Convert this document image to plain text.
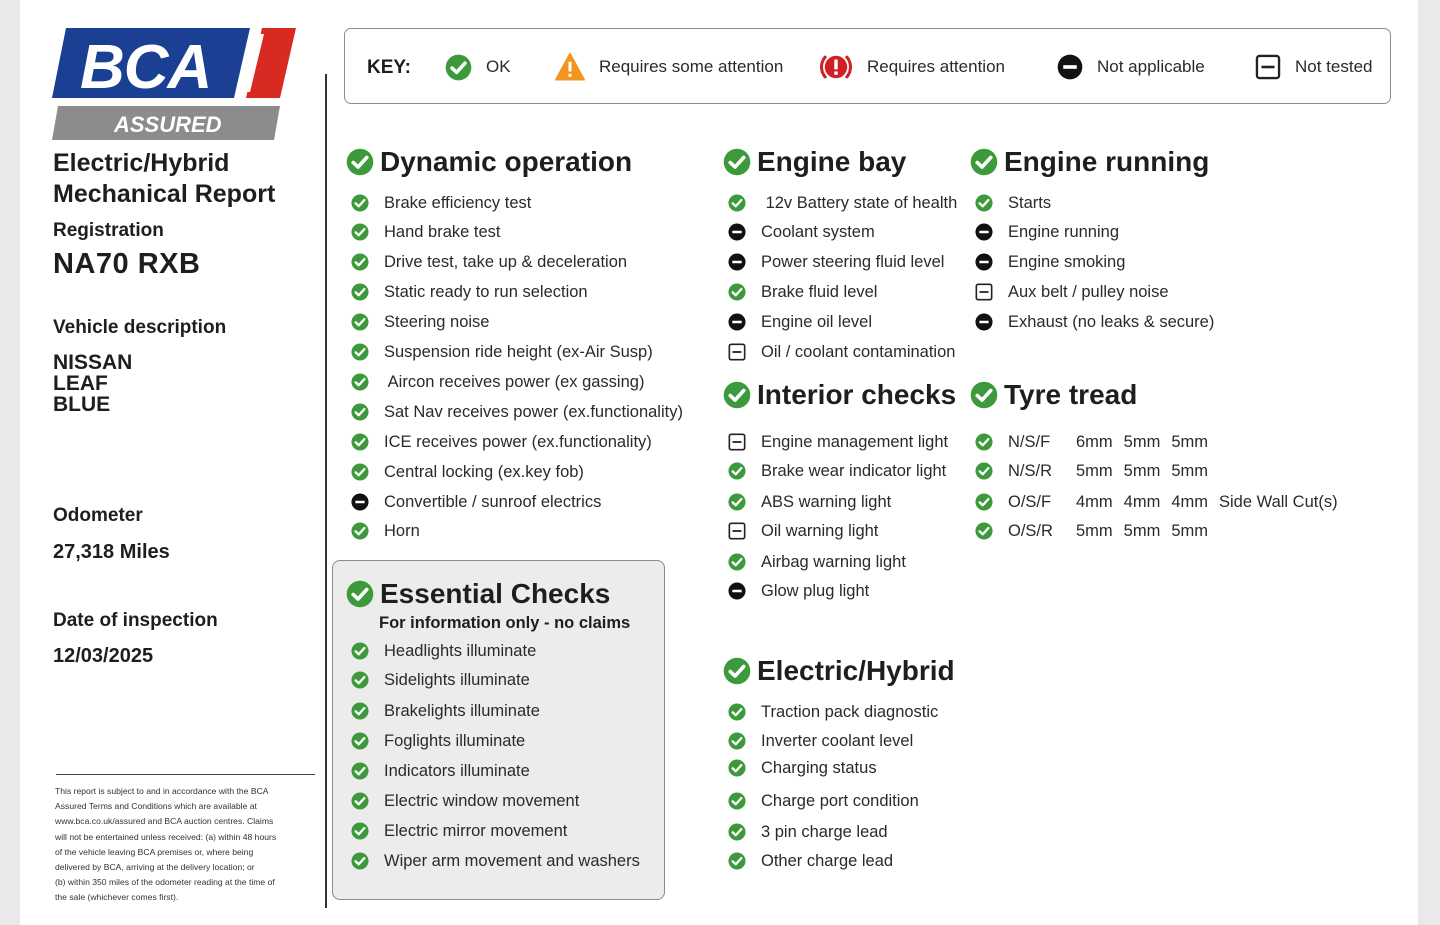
BCA
ASSURED
Electric/Hybrid
Mechanical Report
Registration
NA70 RXB
Vehicle description
NISSAN
LEAF
BLUE
Odometer
27,318 Miles
Date of inspection
12/03/2025
This report is subject to and in accordance with the BCA
Assured Terms and Conditions which are available at
www.bca.co.uk/assured and BCA auction centres. Claims
will not be entertained unless received: (a) within 48 hours
of the vehicle leaving BCA premises or, where being
delivered by BCA, arriving at the delivery location; or
(b) within 350 miles of the odometer reading at the time of
the sale (whichever comes first).
KEY:	OK	Requires some attention	Requires attention	Not applicable	Not tested
Dynamic operation	Engine bay	Engine running
Interior checks Tyre tread
Essential Checks
For information only - no claims
Electric/Hybrid
Brake efficiency test
Hand brake test
Drive test, take up & deceleration
Static ready to run selection
Steering noise
Suspension ride height (ex-Air Susp)
Aircon receives power (ex gassing)
Sat Nav receives power (ex.functionality)
ICE receives power (ex.functionality)
Central locking (ex.key fob)
Convertible / sunroof electrics
Horn
Headlights illuminate
Sidelights illuminate
Brakelights illuminate
Foglights illuminate
Indicators illuminate
Electric window movement
Electric mirror movement
Wiper arm movement and washers
12v Battery state of health
Coolant system
Power steering fluid level
Brake fluid level
Engine oil level
Oil / coolant contamination
Engine management light
Brake wear indicator light
ABS warning light
Oil warning light
Airbag warning light
Glow plug light
Traction pack diagnostic
Inverter coolant level
Charging status
Charge port condition
3 pin charge lead
Other charge lead
Starts
Engine running
Engine smoking
Aux belt / pulley noise
Exhaust (no leaks & secure)
N/S/F	6mm 5mm 5mm
N/S/R	5mm 5mm 5mm
O/S/F	4mm 4mm 4mm Side Wall Cut(s)
O/S/R	5mm 5mm 5mm
